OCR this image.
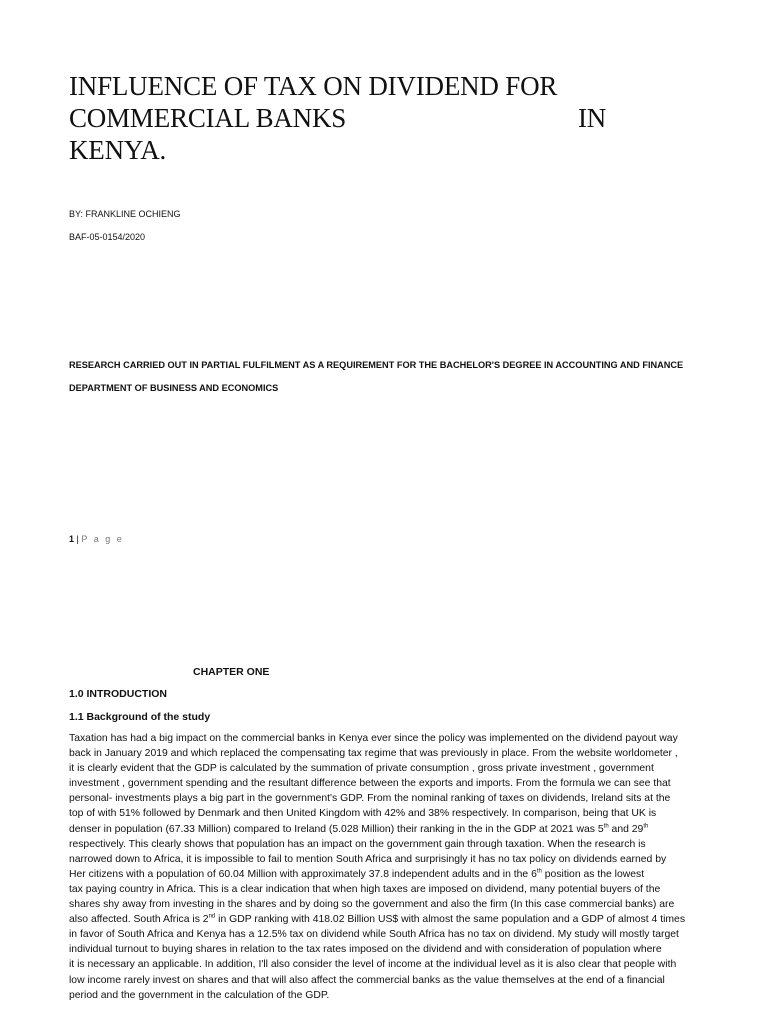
INFLUENCE OF TAX ON DIVIDEND FOR
COMMERCIAL BANKS	IN
KENYA.
BY: FRANKLINE OCHIENG
BAF-05-0154/2020
RESEARCH CARRIED OUT IN PARTIAL FULFILMENT AS A REQUIREMENT FOR THE BACHELOR'S DEGREE IN ACCOUNTING AND FINANCE
DEPARTMENT OF BUSINESS AND ECONOMICS
1 | P a g e
CHAPTER ONE
1.0 INTRODUCTION
1.1 Background of the study
Taxation has had a big impact on the commercial banks in Kenya ever since the policy was implemented on the dividend payout way
back in January 2019 and which replaced the compensating tax regime that was previously in place. From the website worldometer ,
it is clearly evident that the GDP is calculated by the summation of private consumption , gross private investment , government
investment , government spending and the resultant difference between the exports and imports. From the formula we can see that
personal- investments plays a big part in the government's GDP. From the nominal ranking of taxes on dividends, Ireland sits at the
top of with 51% followed by Denmark and then United Kingdom with 42% and 38% respectively. In comparison, being that UK is
denser in population (67.33 Million) compared to Ireland (5.028 Million) their ranking in the in the GDP at 2021 was 5th and 29th
respectively. This clearly shows that population has an impact on the government gain through taxation. When the research is
narrowed down to Africa, it is impossible to fail to mention South Africa and surprisingly it has no tax policy on dividends earned by
Her citizens with a population of 60.04 Million with approximately 37.8 independent adults and in the 6th position as the lowest
tax paying country in Africa. This is a clear indication that when high taxes are imposed on dividend, many potential buyers of the
shares shy away from investing in the shares and by doing so the government and also the firm (In this case commercial banks) are
also affected. South Africa is 2nd in GDP ranking with 418.02 Billion US$ with almost the same population and a GDP of almost 4 times
in favor of South Africa and Kenya has a 12.5% tax on dividend while South Africa has no tax on dividend. My study will mostly target
individual turnout to buying shares in relation to the tax rates imposed on the dividend and with consideration of population where
it is necessary an applicable. In addition, I'll also consider the level of income at the individual level as it is also clear that people with
low income rarely invest on shares and that will also affect the commercial banks as the value themselves at the end of a financial
period and the government in the calculation of the GDP.
